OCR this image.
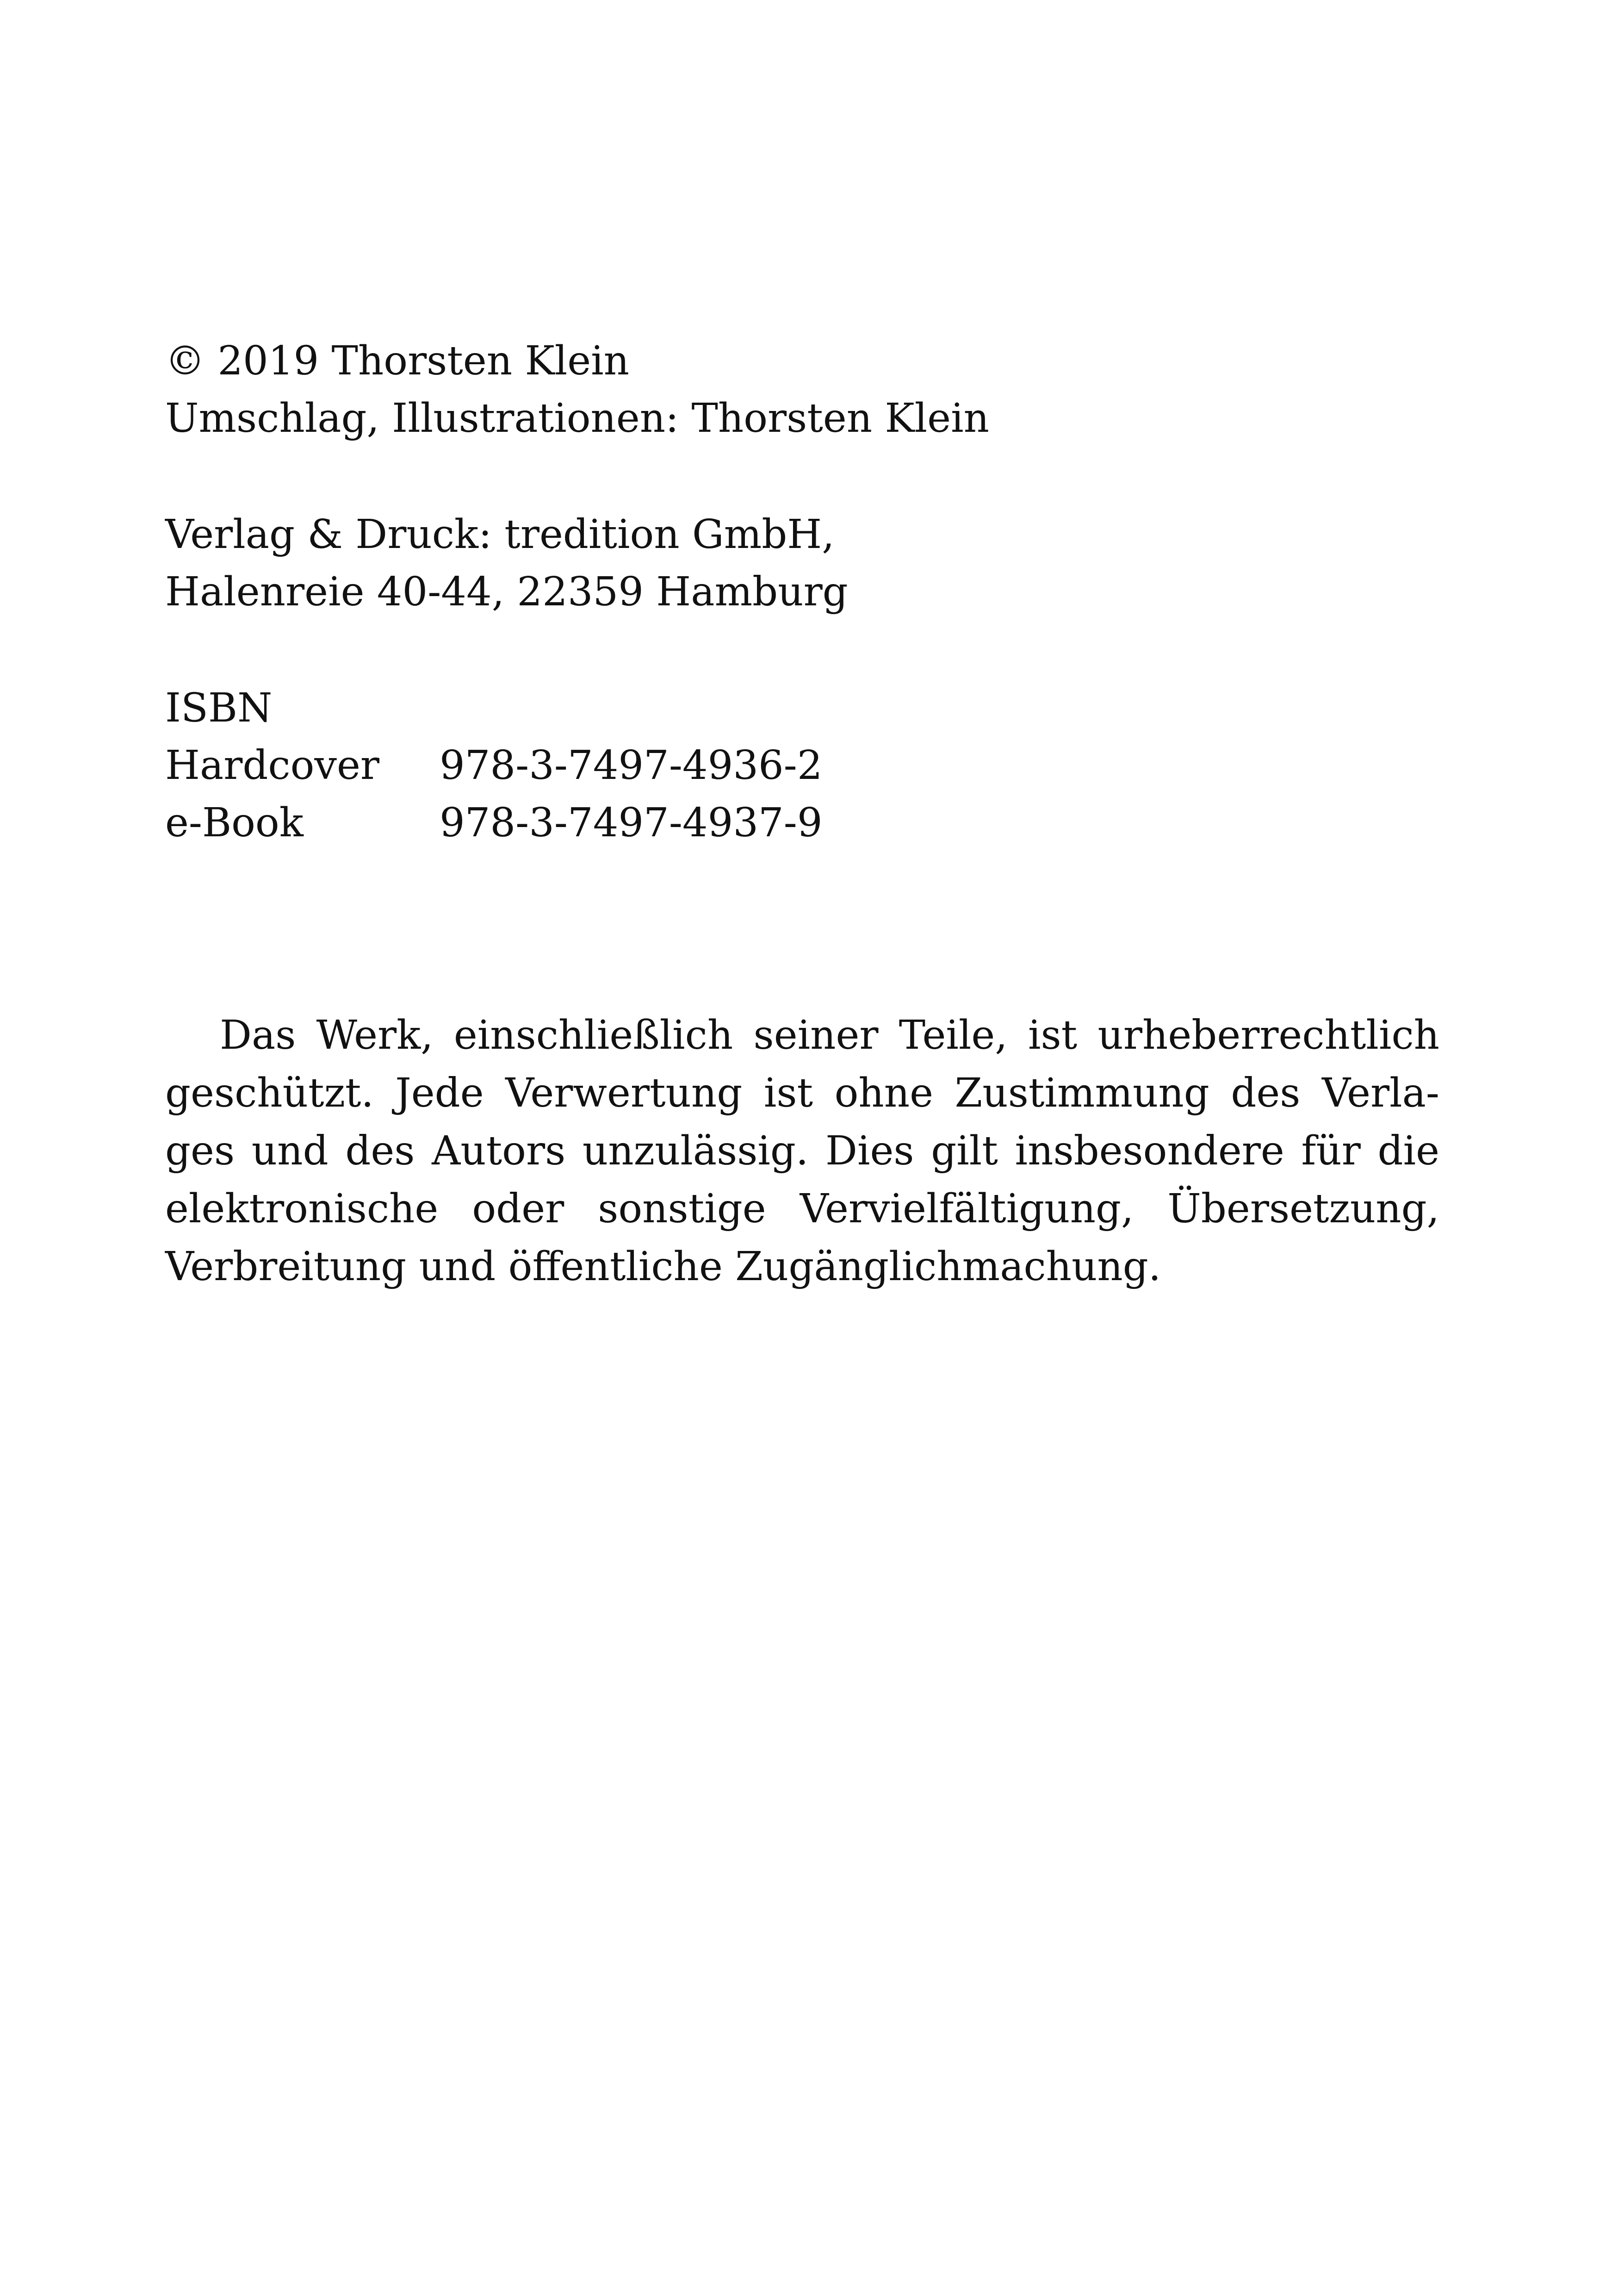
© 2019 Thorsten Klein
Umschlag, Illustrationen: Thorsten Klein
Verlag & Druck: tredition GmbH,
Halenreie 40-44, 22359 Hamburg
ISBN
Hardcover 978-3-7497-4936-2
e-Book	978-3-7497-4937-9
Das Werk, einschließlich seiner Teile, ist urheberrechtlich
geschützt. Jede Verwertung ist ohne Zustimmung des Verla-
ges und des Autors unzulässig. Dies gilt insbesondere für die
elektronische oder sonstige Vervielfältigung, Übersetzung,
Verbreitung und öffentliche Zugänglichmachung.
